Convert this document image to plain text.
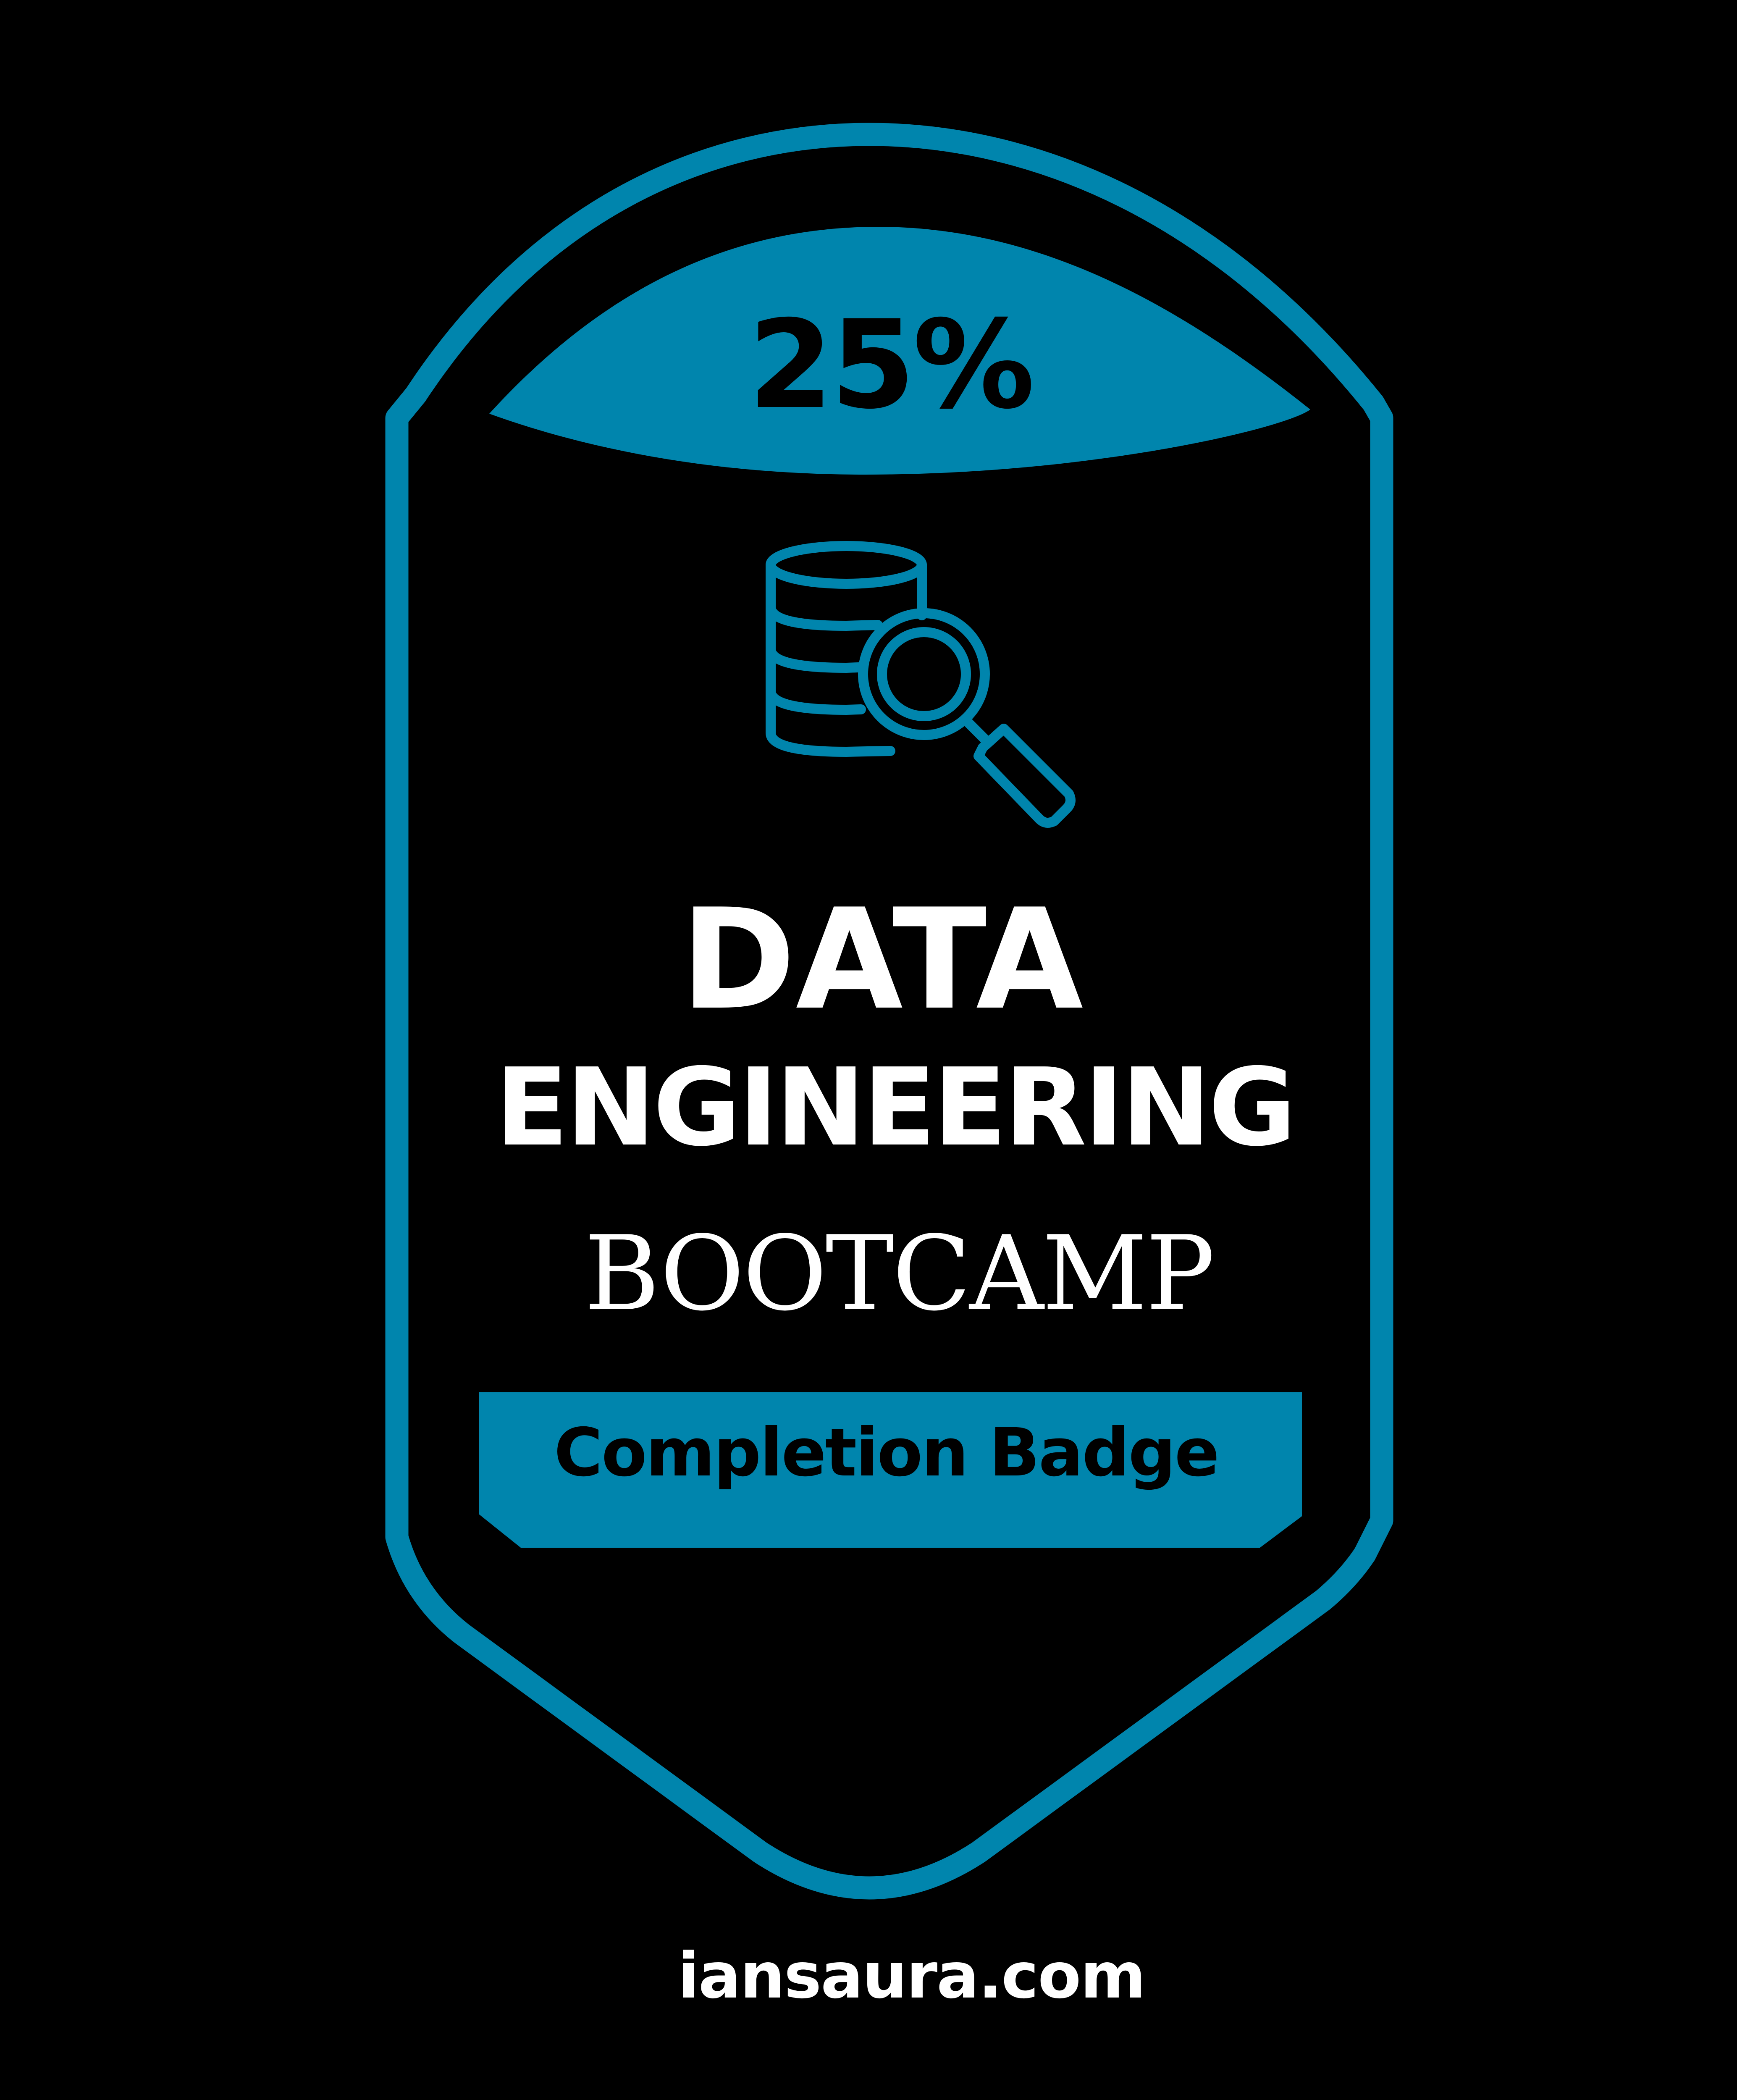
25%
DATA
ENGINEERING
BOOTCAMP
Completion Badge
iansaura.com
